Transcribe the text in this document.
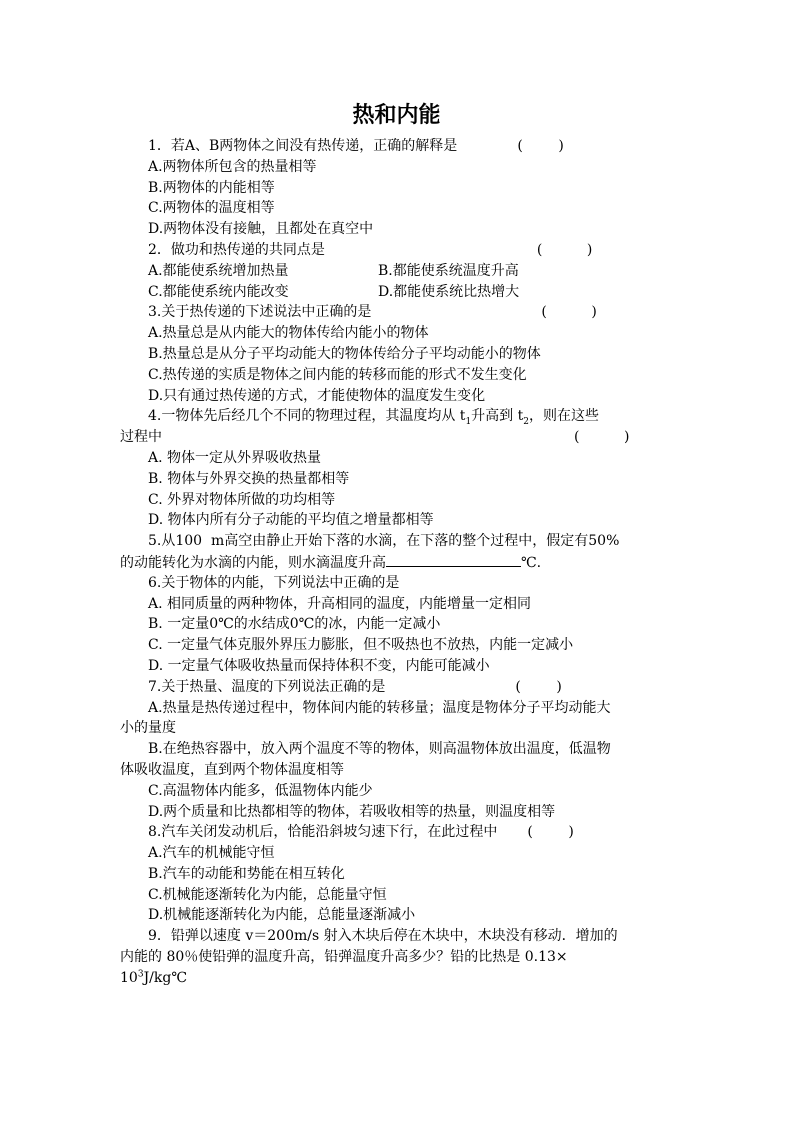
热和内能
1．若A、B两物体之间没有热传递，正确的解释是	(        )
A.两物体所包含的热量相等
B.两物体的内能相等
C.两物体的温度相等
D.两物体没有接触，且都处在真空中
2．做功和热传递的共同点是	(          )
A.都能使系统增加热量	B.都能使系统温度升高
C.都能使系统内能改变	D.都能使系统比热增大
3.关于热传递的下述说法中正确的是	(          )
A.热量总是从内能大的物体传给内能小的物体
B.热量总是从分子平均动能大的物体传给分子平均动能小的物体
C.热传递的实质是物体之间内能的转移而能的形式不发生变化
D.只有通过热传递的方式，才能使物体的温度发生变化
4.一物体先后经几个不同的物理过程，其温度均从 $t_1$升高到 $t_2$，则在这些
过程中	(          )
A. 物体一定从外界吸收热量
B. 物体与外界交换的热量都相等
C. 外界对物体所做的功均相等
D. 物体内所有分子动能的平均值之增量都相等
5.从100  m高空由静止开始下落的水滴，在下落的整个过程中，假定有50%
的动能转化为水滴的内能，则水滴温度升高	℃.
6.关于物体的内能，下列说法中正确的是
A. 相同质量的两种物体，升高相同的温度，内能增量一定相同
B. 一定量0℃的水结成0℃的冰，内能一定减小
C. 一定量气体克服外界压力膨胀，但不吸热也不放热，内能一定减小
D. 一定量气体吸收热量而保持体积不变，内能可能减小
7.关于热量、温度的下列说法正确的是	(        )
A.热量是热传递过程中，物体间内能的转移量；温度是物体分子平均动能大
小的量度
B.在绝热容器中，放入两个温度不等的物体，则高温物体放出温度，低温物
体吸收温度，直到两个物体温度相等
C.高温物体内能多，低温物体内能少
D.两个质量和比热都相等的物体，若吸收相等的热量，则温度相等
8.汽车关闭发动机后，恰能沿斜坡匀速下行，在此过程中 (        )
A.汽车的机械能守恒
B.汽车的动能和势能在相互转化
C.机械能逐渐转化为内能，总能量守恒
D.机械能逐渐转化为内能，总能量逐渐减小
9．铅弹以速度 v＝200m/s 射入木块后停在木块中，木块没有移动．增加的
内能的 80％使铅弹的温度升高，铅弹温度升高多少？铅的比热是 0.13×
$10^3J/kg℃$
